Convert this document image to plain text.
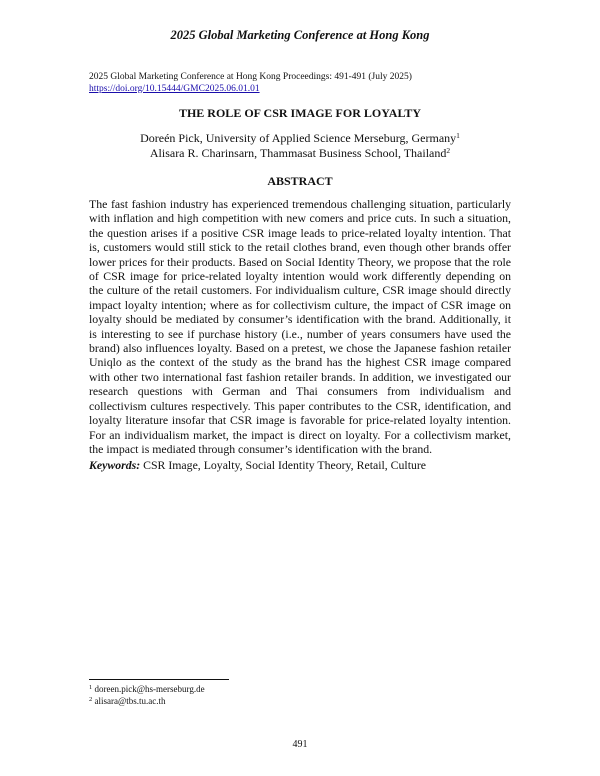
2025 Global Marketing Conference at Hong Kong
2025 Global Marketing Conference at Hong Kong Proceedings: 491-491 (July 2025)
https://doi.org/10.15444/GMC2025.06.01.01
THE ROLE OF CSR IMAGE FOR LOYALTY
Doreén Pick, University of Applied Science Merseburg, Germany$^1$
Alisara R. Charinsarn, Thammasat Business School, Thailand$^2$
ABSTRACT
The fast fashion industry has experienced tremendous challenging situation, particularly with inflation and high competition with new comers and price cuts. In such a situation, the question arises if a positive CSR image leads to price-related loyalty intention. That is, customers would still stick to the retail clothes brand, even though other brands offer lower prices for their products. Based on Social Identity Theory, we propose that the role of CSR image for price-related loyalty intention would work differently depending on the culture of the retail customers. For individualism culture, CSR image should directly impact loyalty intention; where as for collectivism culture, the impact of CSR image on loyalty should be mediated by consumer’s identification with the brand. Additionally, it is interesting to see if purchase history (i.e., number of years consumers have used the brand) also influences loyalty. Based on a pretest, we chose the Japanese fashion retailer Uniqlo as the context of the study as the brand has the highest CSR image compared with other two international fast fashion retailer brands. In addition, we investigated our research questions with German and Thai consumers from individualism and collectivism cultures respectively. This paper contributes to the CSR, identification, and loyalty literature insofar that CSR image is favorable for price-related loyalty intention. For an individualism market, the impact is direct on loyalty. For a collectivism market, the impact is mediated through consumer’s identification with the brand.
Keywords: CSR Image, Loyalty, Social Identity Theory, Retail, Culture
$^1$ doreen.pick@hs-merseburg.de
$^2$ alisara@tbs.tu.ac.th
491
